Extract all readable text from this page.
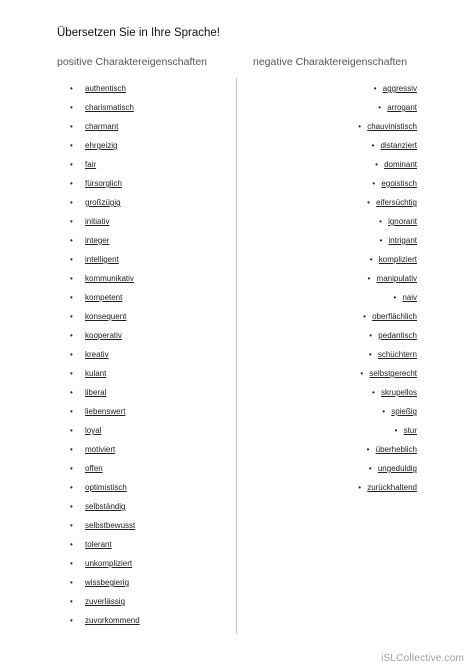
Übersetzen Sie in Ihre Sprache!
positive Charaktereigenschaften	negative Charaktereigenschaften
• authentisch
• charismatisch
• charmant
• ehrgeizig
• fair
• fürsorglich
• großzügig
• initiativ
• integer
• intelligent
• kommunikativ
• kompetent
• konsequent
• kooperativ
• kreativ
• kulant
• liberal
• liebenswert
• loyal
• motiviert
• offen
• optimistisch
• selbständig
• selbstbewusst
• tolerant
• unkompliziert
• wissbegierig
• zuverlässig
• zuvorkommend
• aggressiv
• arrogant
• chauvinistisch
• distanziert
• dominant
• egoistisch
• eifersüchtig
• ignorant
• intrigant
• kompliziert
• manipulativ
• naiv
• oberflächlich
• pedantisch
• schüchtern
• selbstgerecht
• skrupellos
• spießig
• stur
• überheblich
• ungeduldig
• zurückhaltend
iSLCollective.com
